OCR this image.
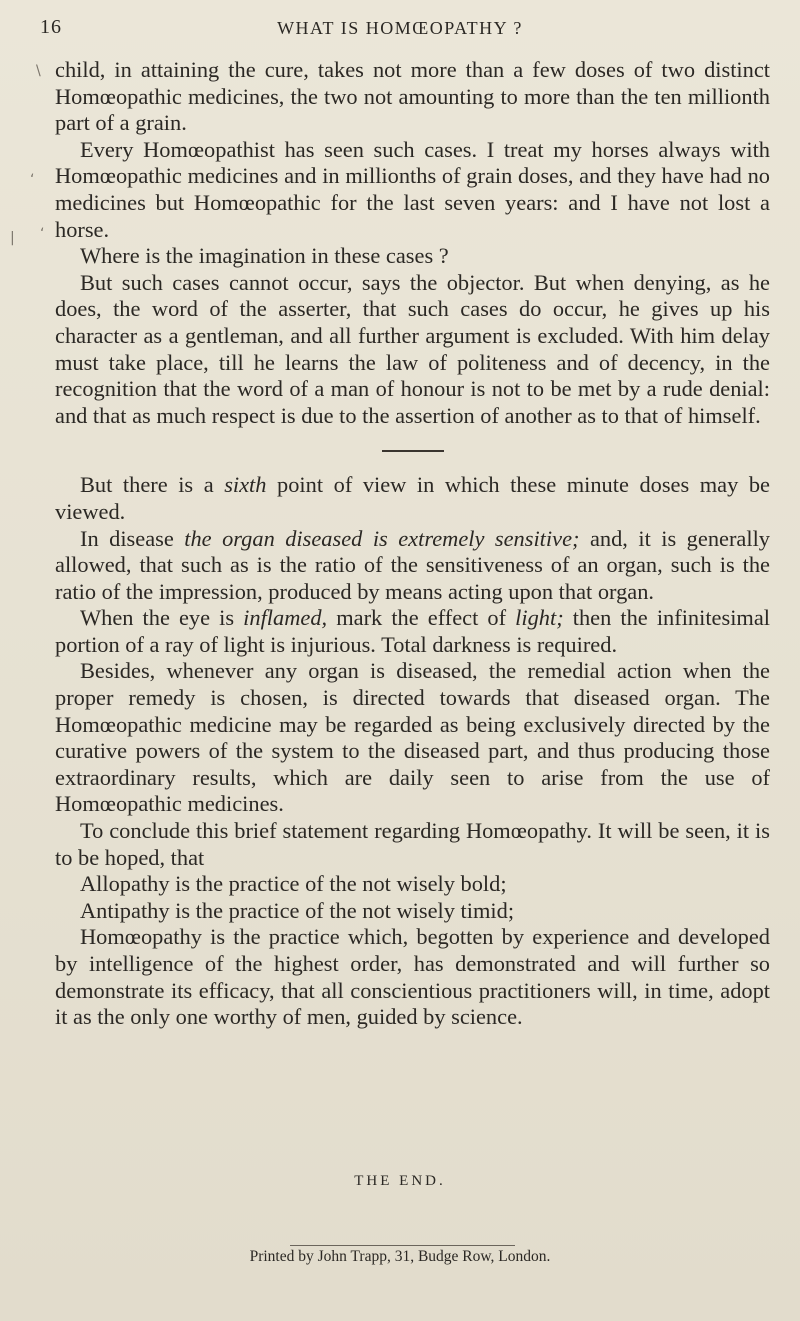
16	WHAT IS HOMŒOPATHY ?
\
‘
| ‘

child, in attaining the cure, takes not more than a few doses of two distinct Homœopathic medicines, the two not amounting to more than the ten millionth part of a grain.

Every Homœopathist has seen such cases. I treat my horses always with Homœopathic medicines and in millionths of grain doses, and they have had no medicines but Homœopathic for the last seven years: and I have not lost a horse.

Where is the imagination in these cases ?

But such cases cannot occur, says the objector. But when denying, as he does, the word of the asserter, that such cases do occur, he gives up his character as a gentleman, and all further argument is excluded. With him delay must take place, till he learns the law of politeness and of decency, in the recognition that the word of a man of honour is not to be met by a rude denial: and that as much respect is due to the assertion of another as to that of himself.

But there is a sixth point of view in which these minute doses may be viewed.

In disease the organ diseased is extremely sensitive; and, it is generally allowed, that such as is the ratio of the sensitiveness of an organ, such is the ratio of the impression, produced by means acting upon that organ.

When the eye is inflamed, mark the effect of light; then the infinitesimal portion of a ray of light is injurious. Total darkness is required.

Besides, whenever any organ is diseased, the remedial action when the proper remedy is chosen, is directed towards that diseased organ. The Homœopathic medicine may be regarded as being exclusively directed by the curative powers of the system to the diseased part, and thus producing those extraordinary results, which are daily seen to arise from the use of Homœopathic medicines.

To conclude this brief statement regarding Homœopathy. It will be seen, it is to be hoped, that

Allopathy is the practice of the not wisely bold;

Antipathy is the practice of the not wisely timid;

Homœopathy is the practice which, begotten by experience and developed by intelligence of the highest order, has demonstrated and will further so demonstrate its efficacy, that all conscientious practitioners will, in time, adopt it as the only one worthy of men, guided by science.

THE END.
Printed by John Trapp, 31, Budge Row, London.
